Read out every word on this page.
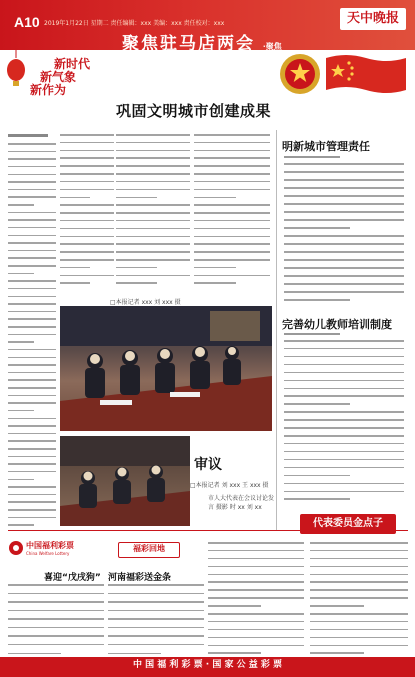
A10 2019年1月22日 星期二 责任编辑：xxx 美编：xxx 责任校对：xxx
聚焦驻马店两会 ·聚焦
天中晚报
新时代
新气象
新作为
巩固文明城市创建成果
明新城市管理责任
完善幼儿教师培训制度
代表委员金点子
□本报记者 xxx 刘 xxx 摄
审议
□本报记者 刘 xxx 王 xxx 摄
市人大代表在会议讨论发言 摄影 时 xx 刘 xx
中国福利彩票
China Welfare Lottery
福彩回地
喜迎“戊戌狗” 河南福彩送金条
中 国 福 利 彩 票 · 国 家 公 益 彩 票
